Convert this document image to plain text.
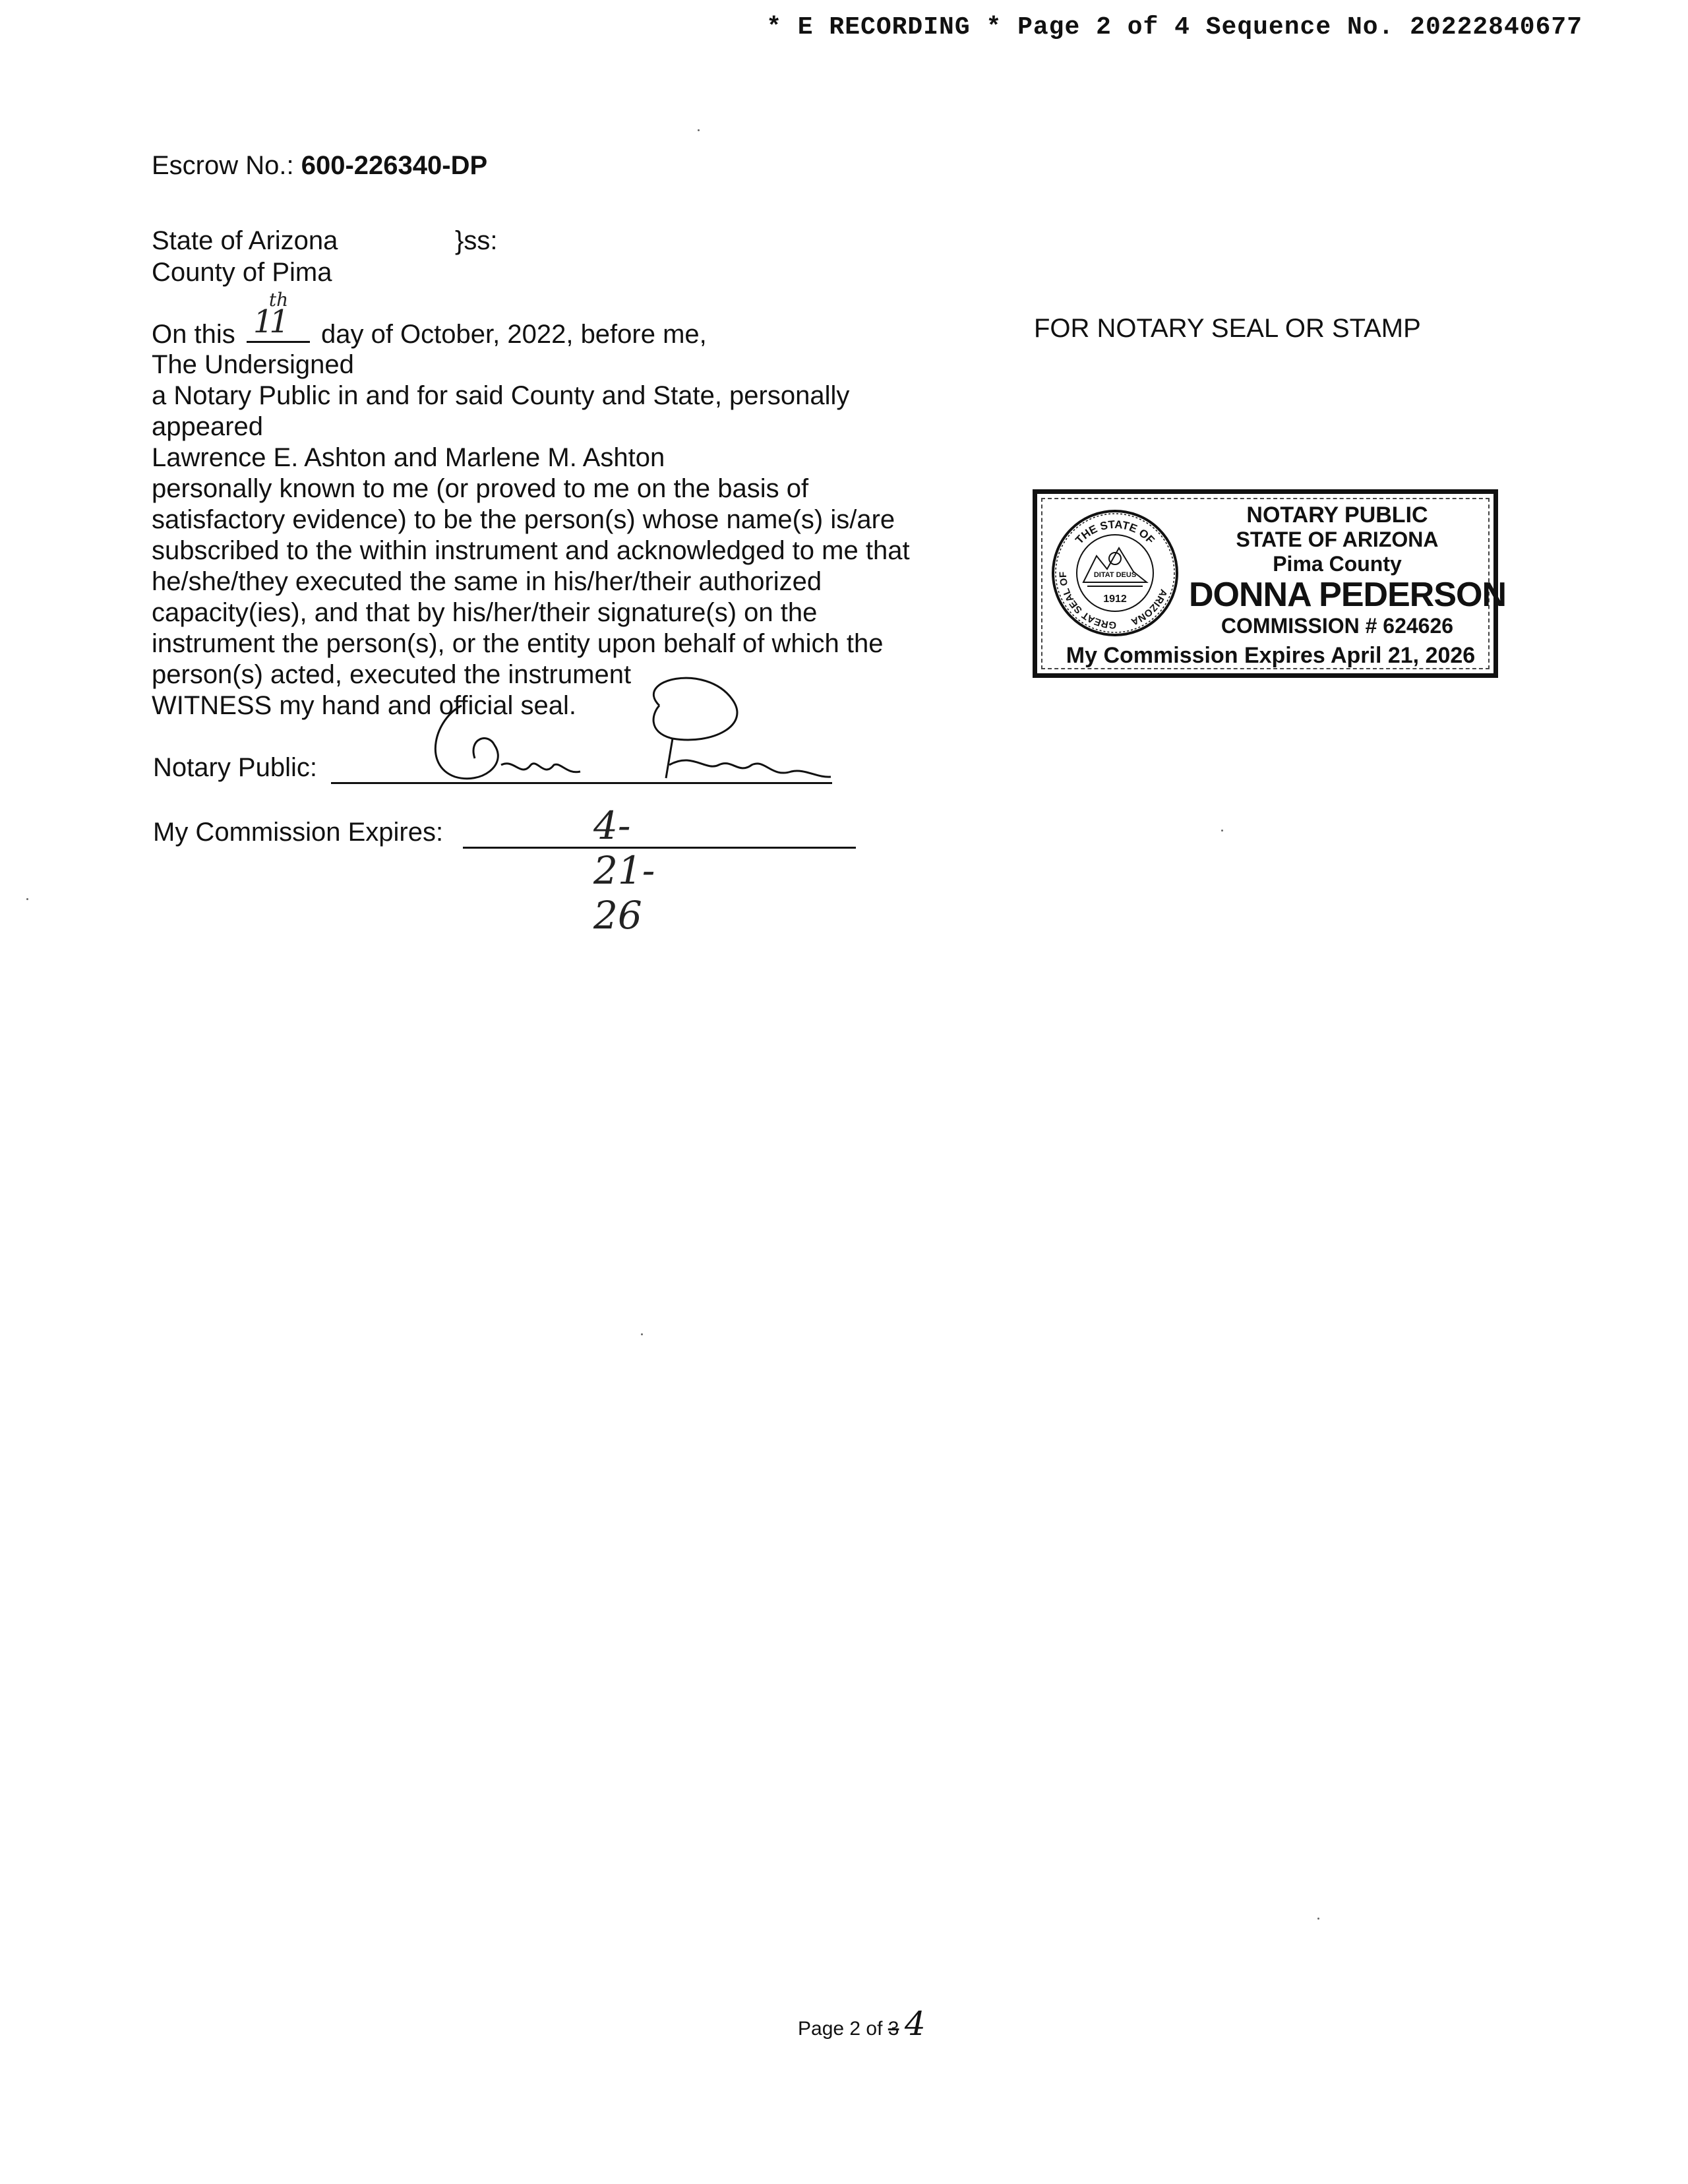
* E RECORDING * Page 2 of 4 Sequence No. 20222840677
Escrow No.: 600-226340-DP
State of Arizona	}ss:
County of Pima
On this
th
11 day of October, 2022, before me,
The Undersigned
a Notary Public in and for said County and State, personally
appeared
Lawrence E. Ashton and Marlene M. Ashton
personally known to me (or proved to me on the basis of
satisfactory evidence) to be the person(s) whose name(s) is/are
subscribed to the within instrument and acknowledged to me that
he/she/they executed the same in his/her/their authorized
capacity(ies), and that by his/her/their signature(s) on the
instrument the person(s), or the entity upon behalf of which the
person(s) acted, executed the instrument
WITNESS my hand and official seal.
FOR NOTARY SEAL OR STAMP
THE STATE OF
GREAT SEAL OF
ARIZONA
DITAT DEUS
1912
NOTARY PUBLIC
STATE OF ARIZONA
Pima County
DONNA PEDERSON
COMMISSION # 624626
My Commission Expires April 21, 2026
Notary Public:
My Commission Expires:	4-21-26
Page 2 of 3 4
